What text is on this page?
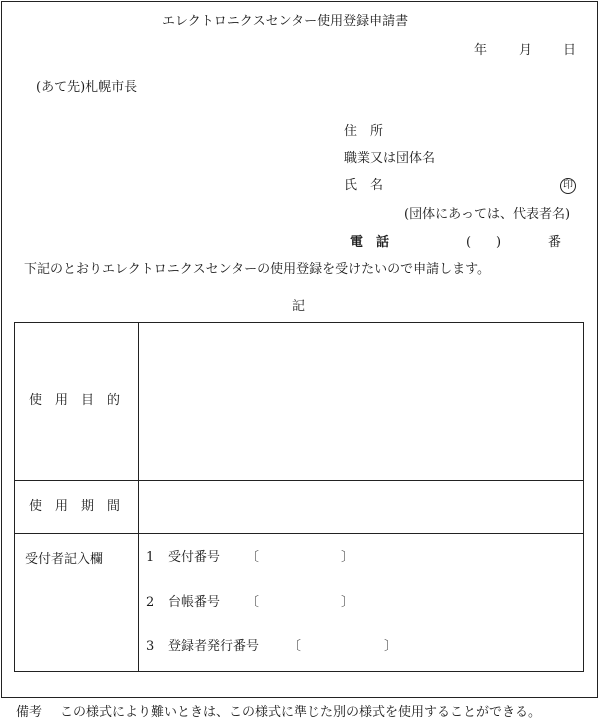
エレクトロニクスセンター使用登録申請書
年 月 日
(あて先)札幌市長
住　所
職業又は団体名
氏　名	印
(団体にあっては、代表者名)
電　話	( )	番
下記のとおりエレクトロニクスセンターの使用登録を受けたいので申請します。
記
使用目的
使用期間
受付者記入欄	1 受付番号 〔	〕
2 台帳番号 〔	〕
3 登録者発行番号 〔	〕
備考 この様式により難いときは、この様式に準じた別の様式を使用することができる。
